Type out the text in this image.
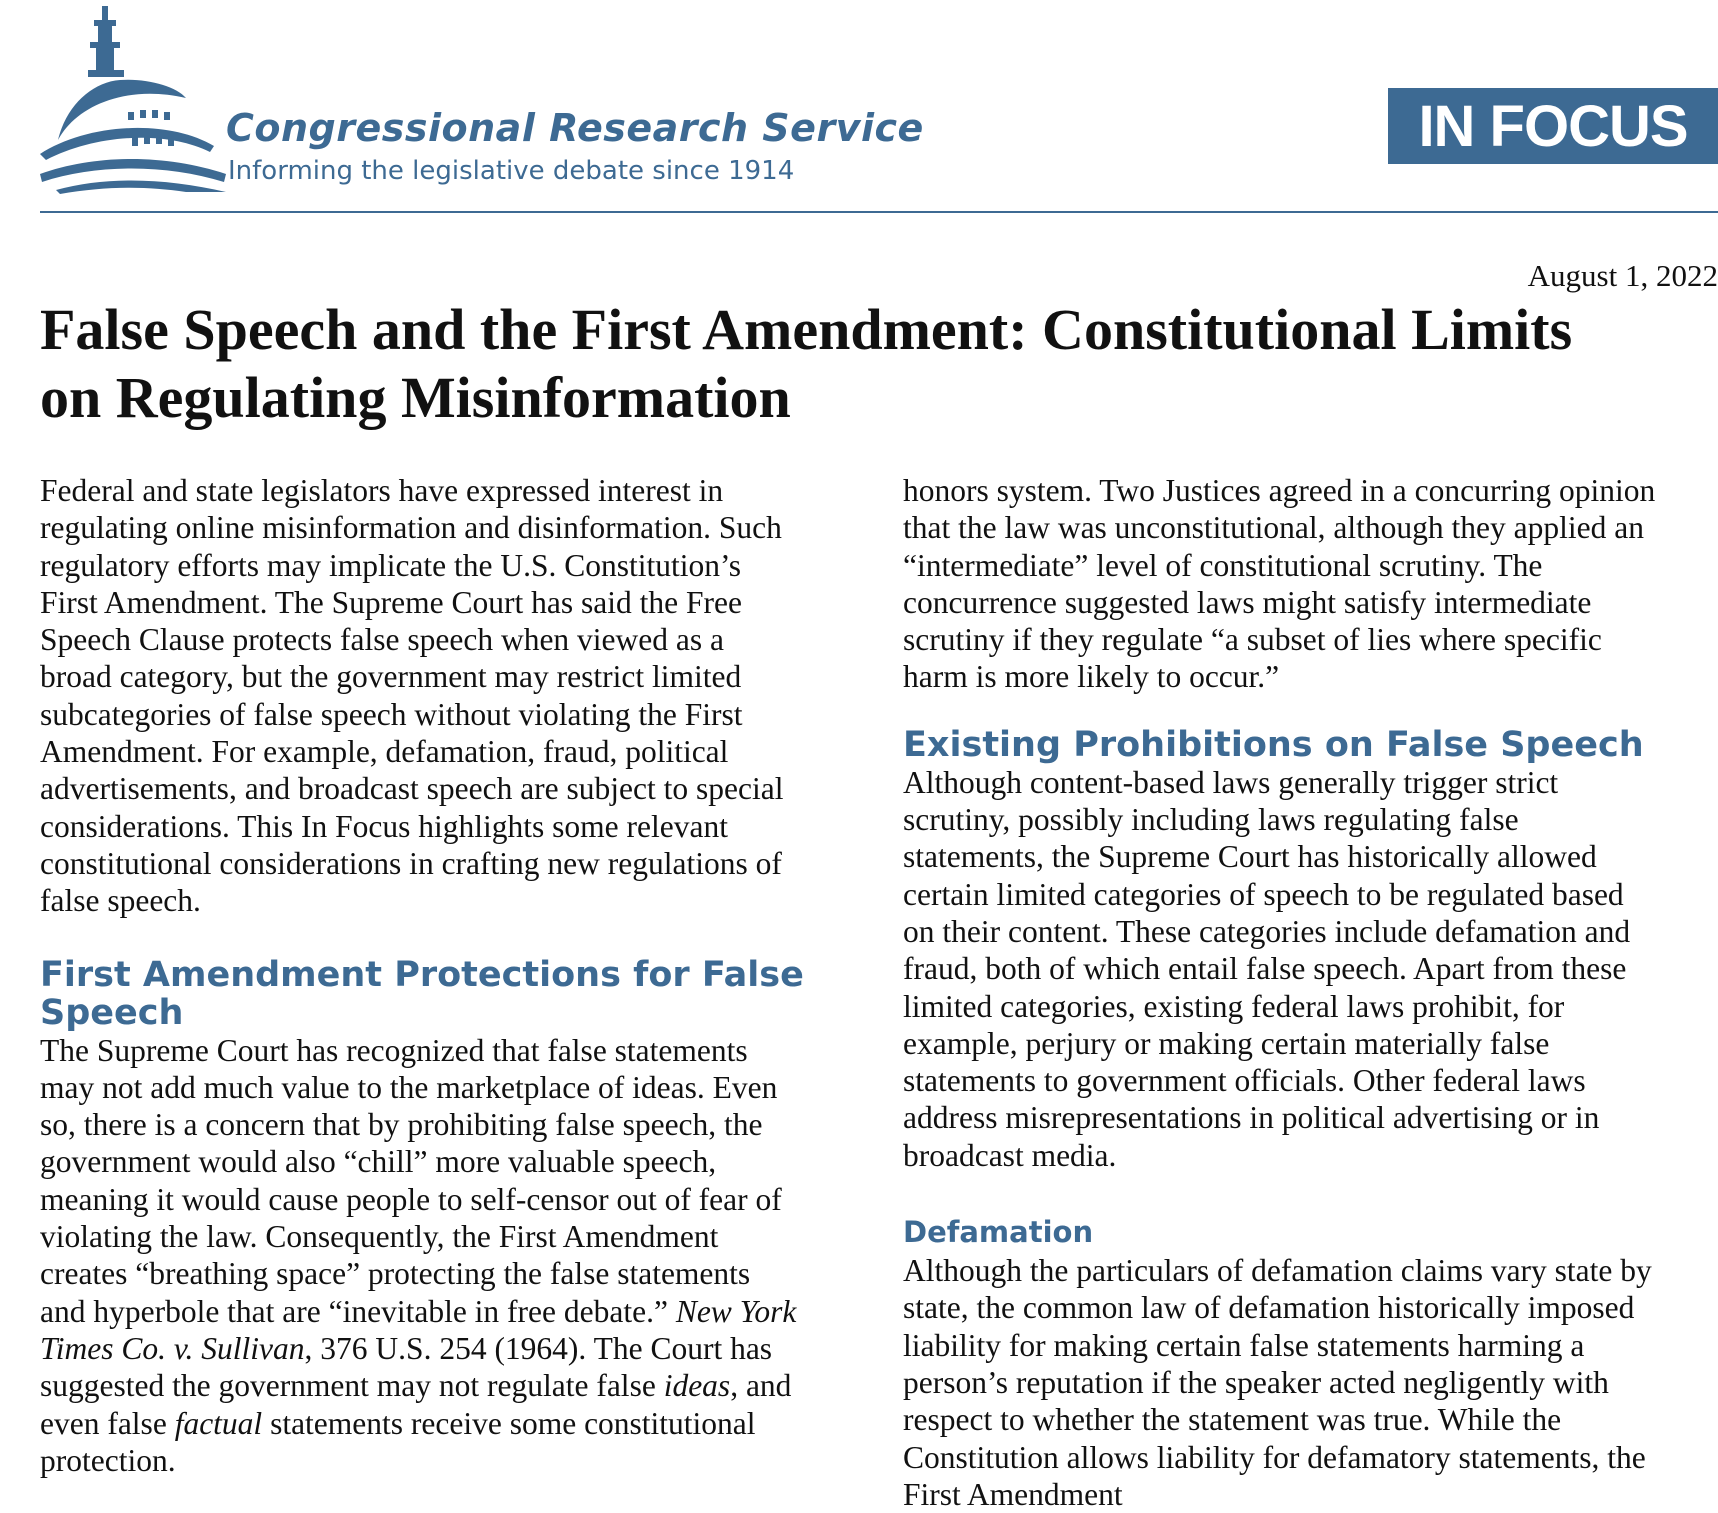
Congressional Research Service
Informing the legislative debate since 1914
IN FOCUS
August 1, 2022
False Speech and the First Amendment: Constitutional Limits
on Regulating Misinformation

Federal and state legislators have expressed interest in
regulating online misinformation and disinformation. Such
regulatory efforts may implicate the U.S. Constitution’s
First Amendment. The Supreme Court has said the Free
Speech Clause protects false speech when viewed as a
broad category, but the government may restrict limited
subcategories of false speech without violating the First
Amendment. For example, defamation, fraud, political
advertisements, and broadcast speech are subject to special
considerations. This In Focus highlights some relevant
constitutional considerations in crafting new regulations of
false speech.

First Amendment Protections for False
Speech

The Supreme Court has recognized that false statements
may not add much value to the marketplace of ideas. Even
so, there is a concern that by prohibiting false speech, the
government would also “chill” more valuable speech,
meaning it would cause people to self-censor out of fear of
violating the law. Consequently, the First Amendment
creates “breathing space” protecting the false statements
and hyperbole that are “inevitable in free debate.” New York
Times Co. v. Sullivan, 376 U.S. 254 (1964). The Court has
suggested the government may not regulate false ideas, and
even false factual statements receive some constitutional
protection.

honors system. Two Justices agreed in a concurring opinion
that the law was unconstitutional, although they applied an
“intermediate” level of constitutional scrutiny. The
concurrence suggested laws might satisfy intermediate
scrutiny if they regulate “a subset of lies where specific
harm is more likely to occur.”

Existing Prohibitions on False Speech

Although content-based laws generally trigger strict
scrutiny, possibly including laws regulating false
statements, the Supreme Court has historically allowed
certain limited categories of speech to be regulated based
on their content. These categories include defamation and
fraud, both of which entail false speech. Apart from these
limited categories, existing federal laws prohibit, for
example, perjury or making certain materially false
statements to government officials. Other federal laws
address misrepresentations in political advertising or in
broadcast media.

Defamation

Although the particulars of defamation claims vary state by
state, the common law of defamation historically imposed
liability for making certain false statements harming a
person’s reputation if the speaker acted negligently with
respect to whether the statement was true. While the
Constitution allows liability for defamatory statements, the
First Amendment
